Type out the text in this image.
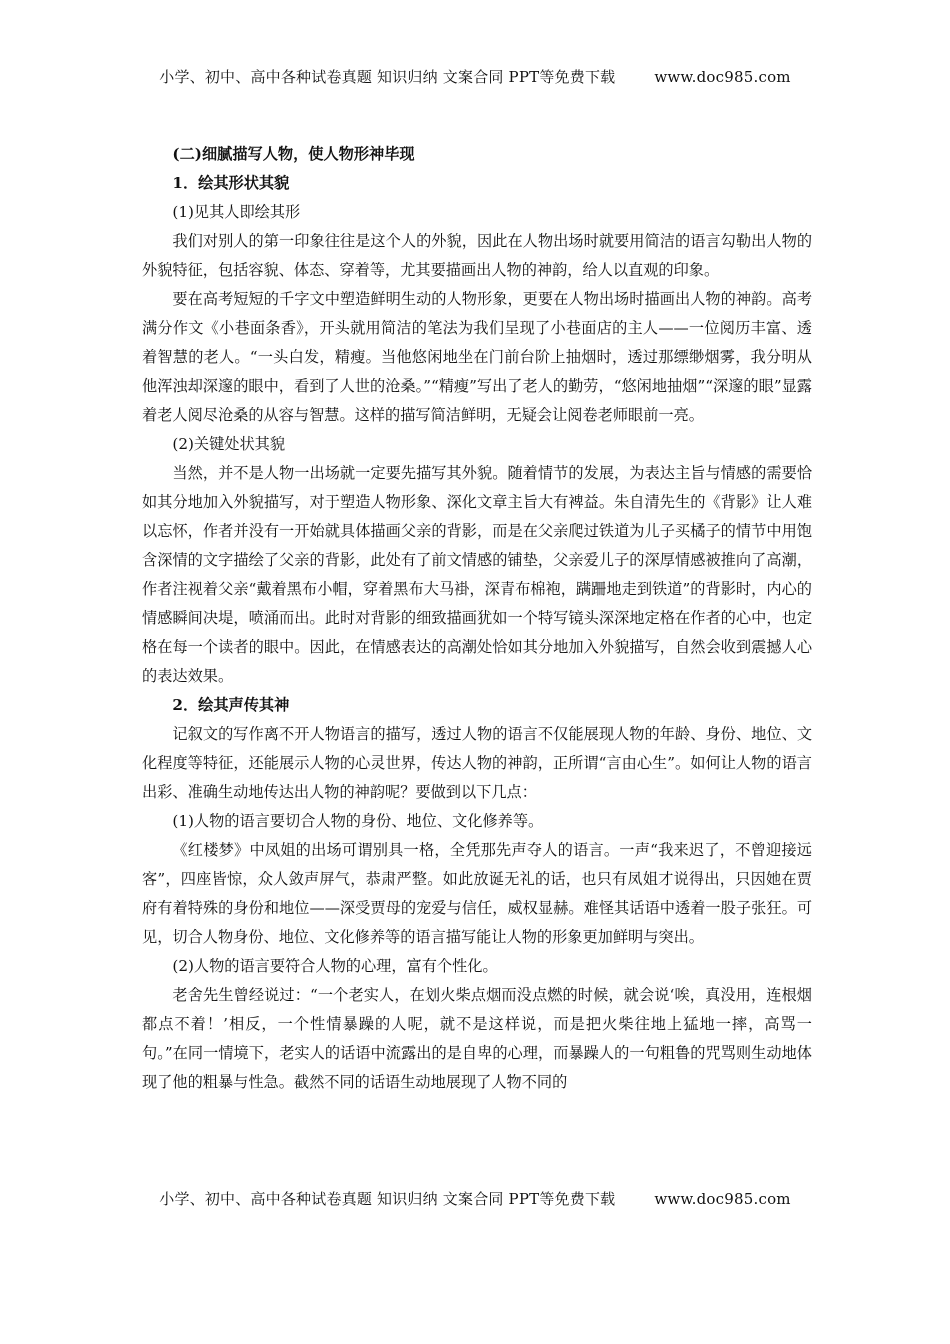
小学、初中、高中各种试卷真题 知识归纳 文案合同 PPT等免费下载	www.doc985.com

(二)细腻描写人物，使人物形神毕现

1．绘其形状其貌

(1)见其人即绘其形

我们对别人的第一印象往往是这个人的外貌，因此在人物出场时就要用简洁的语言勾勒出人物的外貌特征，包括容貌、体态、穿着等，尤其要描画出人物的神韵，给人以直观的印象。

要在高考短短的千字文中塑造鲜明生动的人物形象，更要在人物出场时描画出人物的神韵。高考满分作文《小巷面条香》，开头就用简洁的笔法为我们呈现了小巷面店的主人——一位阅历丰富、透着智慧的老人。“一头白发，精瘦。当他悠闲地坐在门前台阶上抽烟时，透过那缥缈烟雾，我分明从他浑浊却深邃的眼中，看到了人世的沧桑。”“精瘦”写出了老人的勤劳，“悠闲地抽烟”“深邃的眼”显露着老人阅尽沧桑的从容与智慧。这样的描写简洁鲜明，无疑会让阅卷老师眼前一亮。

(2)关键处状其貌

当然，并不是人物一出场就一定要先描写其外貌。随着情节的发展，为表达主旨与情感的需要恰如其分地加入外貌描写，对于塑造人物形象、深化文章主旨大有裨益。朱自清先生的《背影》让人难以忘怀，作者并没有一开始就具体描画父亲的背影，而是在父亲爬过铁道为儿子买橘子的情节中用饱含深情的文字描绘了父亲的背影，此处有了前文情感的铺垫，父亲爱儿子的深厚情感被推向了高潮，作者注视着父亲“戴着黑布小帽，穿着黑布大马褂，深青布棉袍，蹒跚地走到铁道”的背影时，内心的情感瞬间决堤，喷涌而出。此时对背影的细致描画犹如一个特写镜头深深地定格在作者的心中，也定格在每一个读者的眼中。因此，在情感表达的高潮处恰如其分地加入外貌描写，自然会收到震撼人心的表达效果。

2．绘其声传其神

记叙文的写作离不开人物语言的描写，透过人物的语言不仅能展现人物的年龄、身份、地位、文化程度等特征，还能展示人物的心灵世界，传达人物的神韵，正所谓“言由心生”。如何让人物的语言出彩、准确生动地传达出人物的神韵呢？要做到以下几点：

(1)人物的语言要切合人物的身份、地位、文化修养等。

《红楼梦》中凤姐的出场可谓别具一格，全凭那先声夺人的语言。一声“我来迟了，不曾迎接远客”，四座皆惊，众人敛声屏气，恭肃严整。如此放诞无礼的话，也只有凤姐才说得出，只因她在贾府有着特殊的身份和地位——深受贾母的宠爱与信任，威权显赫。难怪其话语中透着一股子张狂。可见，切合人物身份、地位、文化修养等的语言描写能让人物的形象更加鲜明与突出。

(2)人物的语言要符合人物的心理，富有个性化。

老舍先生曾经说过：“一个老实人，在划火柴点烟而没点燃的时候，就会说‘唉，真没用，连根烟都点不着！’相反，一个性情暴躁的人呢，就不是这样说，而是把火柴往地上猛地一摔，高骂一句。”在同一情境下，老实人的话语中流露出的是自卑的心理，而暴躁人的一句粗鲁的咒骂则生动地体现了他的粗暴与性急。截然不同的话语生动地展现了人物不同的

小学、初中、高中各种试卷真题 知识归纳 文案合同 PPT等免费下载	www.doc985.com
